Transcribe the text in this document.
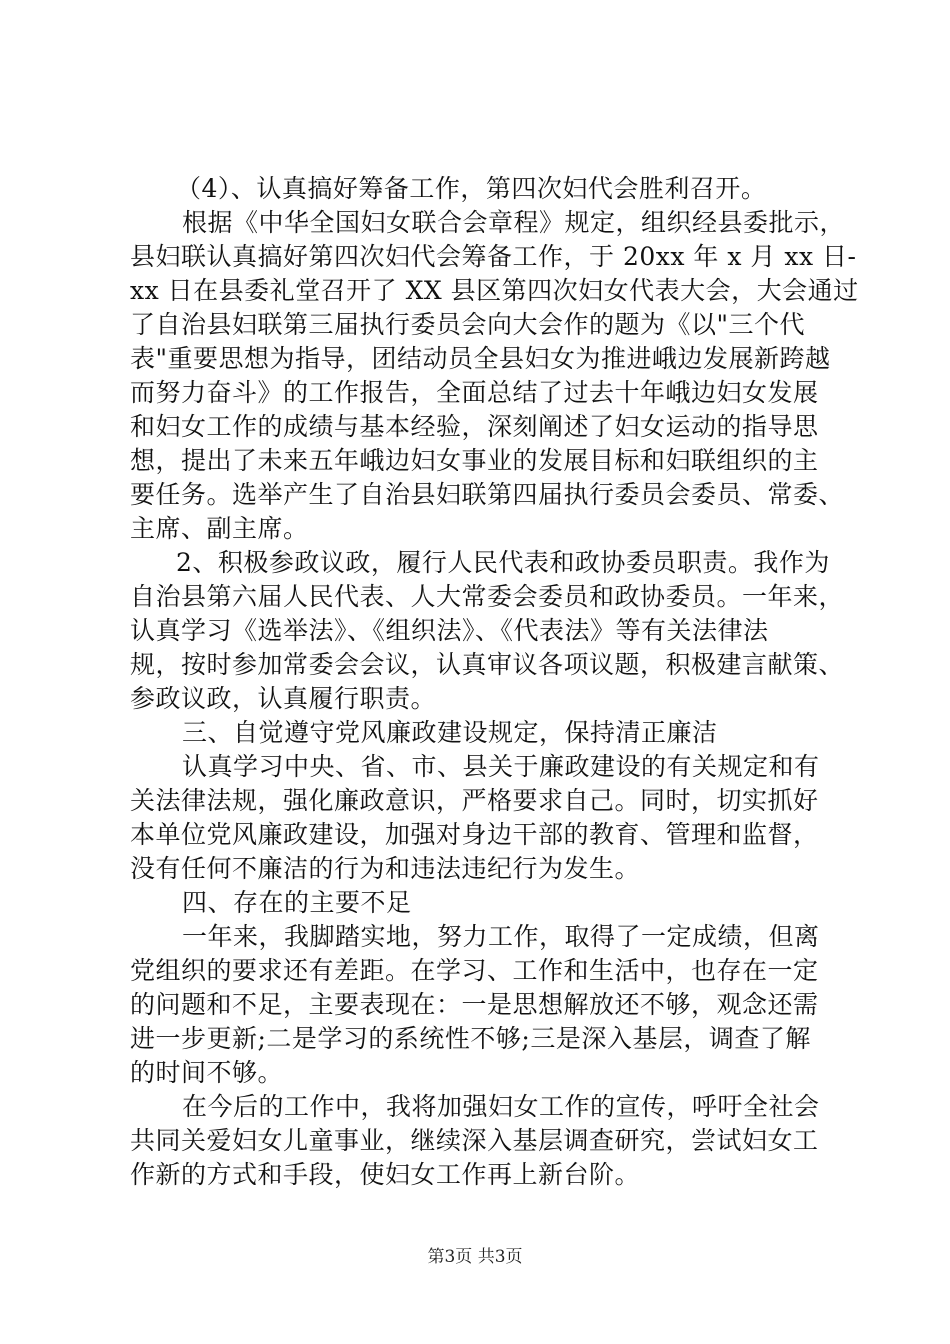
（4）、认真搞好筹备工作，第四次妇代会胜利召开。
根据《中华全国妇女联合会章程》规定，组织经县委批示，
县妇联认真搞好第四次妇代会筹备工作，于 20xx 年 x 月 xx 日-
xx 日在县委礼堂召开了 XX 县区第四次妇女代表大会，大会通过
了自治县妇联第三届执行委员会向大会作的题为《以"三个代
表"重要思想为指导，团结动员全县妇女为推进峨边发展新跨越
而努力奋斗》的工作报告，全面总结了过去十年峨边妇女发展
和妇女工作的成绩与基本经验，深刻阐述了妇女运动的指导思
想，提出了未来五年峨边妇女事业的发展目标和妇联组织的主
要任务。选举产生了自治县妇联第四届执行委员会委员、常委、
主席、副主席。
2、积极参政议政，履行人民代表和政协委员职责。我作为
自治县第六届人民代表、人大常委会委员和政协委员。一年来，
认真学习《选举法》、《组织法》、《代表法》等有关法律法
规，按时参加常委会会议，认真审议各项议题，积极建言献策、
参政议政，认真履行职责。
三、自觉遵守党风廉政建设规定，保持清正廉洁
认真学习中央、省、市、县关于廉政建设的有关规定和有
关法律法规，强化廉政意识，严格要求自己。同时，切实抓好
本单位党风廉政建设，加强对身边干部的教育、管理和监督，
没有任何不廉洁的行为和违法违纪行为发生。
四、存在的主要不足
一年来，我脚踏实地，努力工作，取得了一定成绩，但离
党组织的要求还有差距。在学习、工作和生活中，也存在一定
的问题和不足，主要表现在：一是思想解放还不够，观念还需
进一步更新;二是学习的系统性不够;三是深入基层，调查了解
的时间不够。
在今后的工作中，我将加强妇女工作的宣传，呼吁全社会
共同关爱妇女儿童事业，继续深入基层调查研究，尝试妇女工
作新的方式和手段，使妇女工作再上新台阶。
第3页 共3页
